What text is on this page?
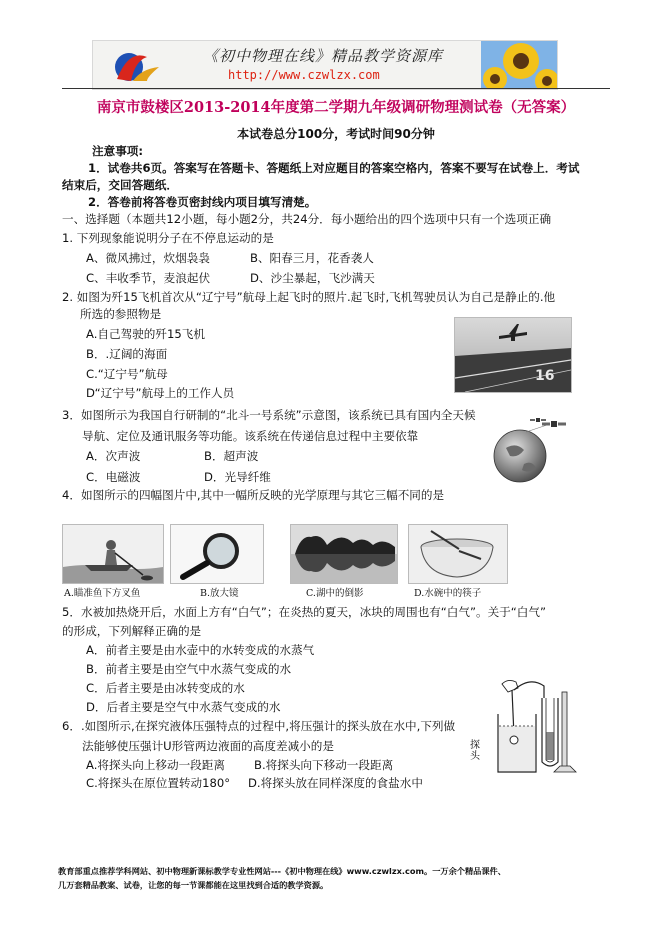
《初中物理在线》精品教学资源库
http://www.czwlzx.com
南京市鼓楼区2013-2014年度第二学期九年级调研物理测试卷（无答案）
本试卷总分100分，考试时间90分钟
注意事项:
1．试卷共6页。答案写在答题卡、答题纸上对应题目的答案空格内，答案不要写在试卷上．考试
结束后，交回答题纸．
2．答卷前将答卷页密封线内项目填写清楚。
一、选择题（本题共12小题，每小题2分，共24分．每小题给出的四个选项中只有一个选项正确
1. 下列现象能说明分子在不停息运动的是
A、微风拂过，炊烟袅袅	B、阳春三月，花香袭人
C、丰收季节，麦浪起伏	D、沙尘暴起，飞沙满天
2. 如图为歼15飞机首次从“辽宁号”航母上起飞时的照片.起飞时,飞机驾驶员认为自己是静止的.他
所选的参照物是
A.自己驾驶的歼15飞机
B．.辽阔的海面
C.“辽宁号”航母
D“辽宁号”航母上的工作人员
16
3．如图所示为我国自行研制的“北斗一号系统”示意图，该系统已具有国内全天候
导航、定位及通讯服务等功能。该系统在传递信息过程中主要依靠
A．次声波	B．超声波
C．电磁波	D．光导纤维
4．如图所示的四幅图片中,其中一幅所反映的光学原理与其它三幅不同的是
A.瞄准鱼下方叉鱼	B.放大镜	C.湖中的倒影	D.水碗中的筷子
5．水被加热烧开后，水面上方有“白气”；在炎热的夏天，冰块的周围也有“白气”。关于“白气”
的形成，下列解释正确的是
A．前者主要是由水壶中的水转变成的水蒸气
B．前者主要是由空气中水蒸气变成的水
C．后者主要是由冰转变成的水
D．后者主要是空气中水蒸气变成的水
6．.如图所示,在探究液体压强特点的过程中,将压强计的探头放在水中,下列做
法能够使压强计U形管两边液面的高度差减小的是
A.将探头向上移动一段距离	B.将探头向下移动一段距离
C.将探头在原位置转动180° D.将探头放在同样深度的食盐水中
探头
教育部重点推荐学科网站、初中物理新课标教学专业性网站---《初中物理在线》www.czwlzx.com。一万余个精品课件、
几万套精品教案、试卷，让您的每一节课都能在这里找到合适的教学资源。
